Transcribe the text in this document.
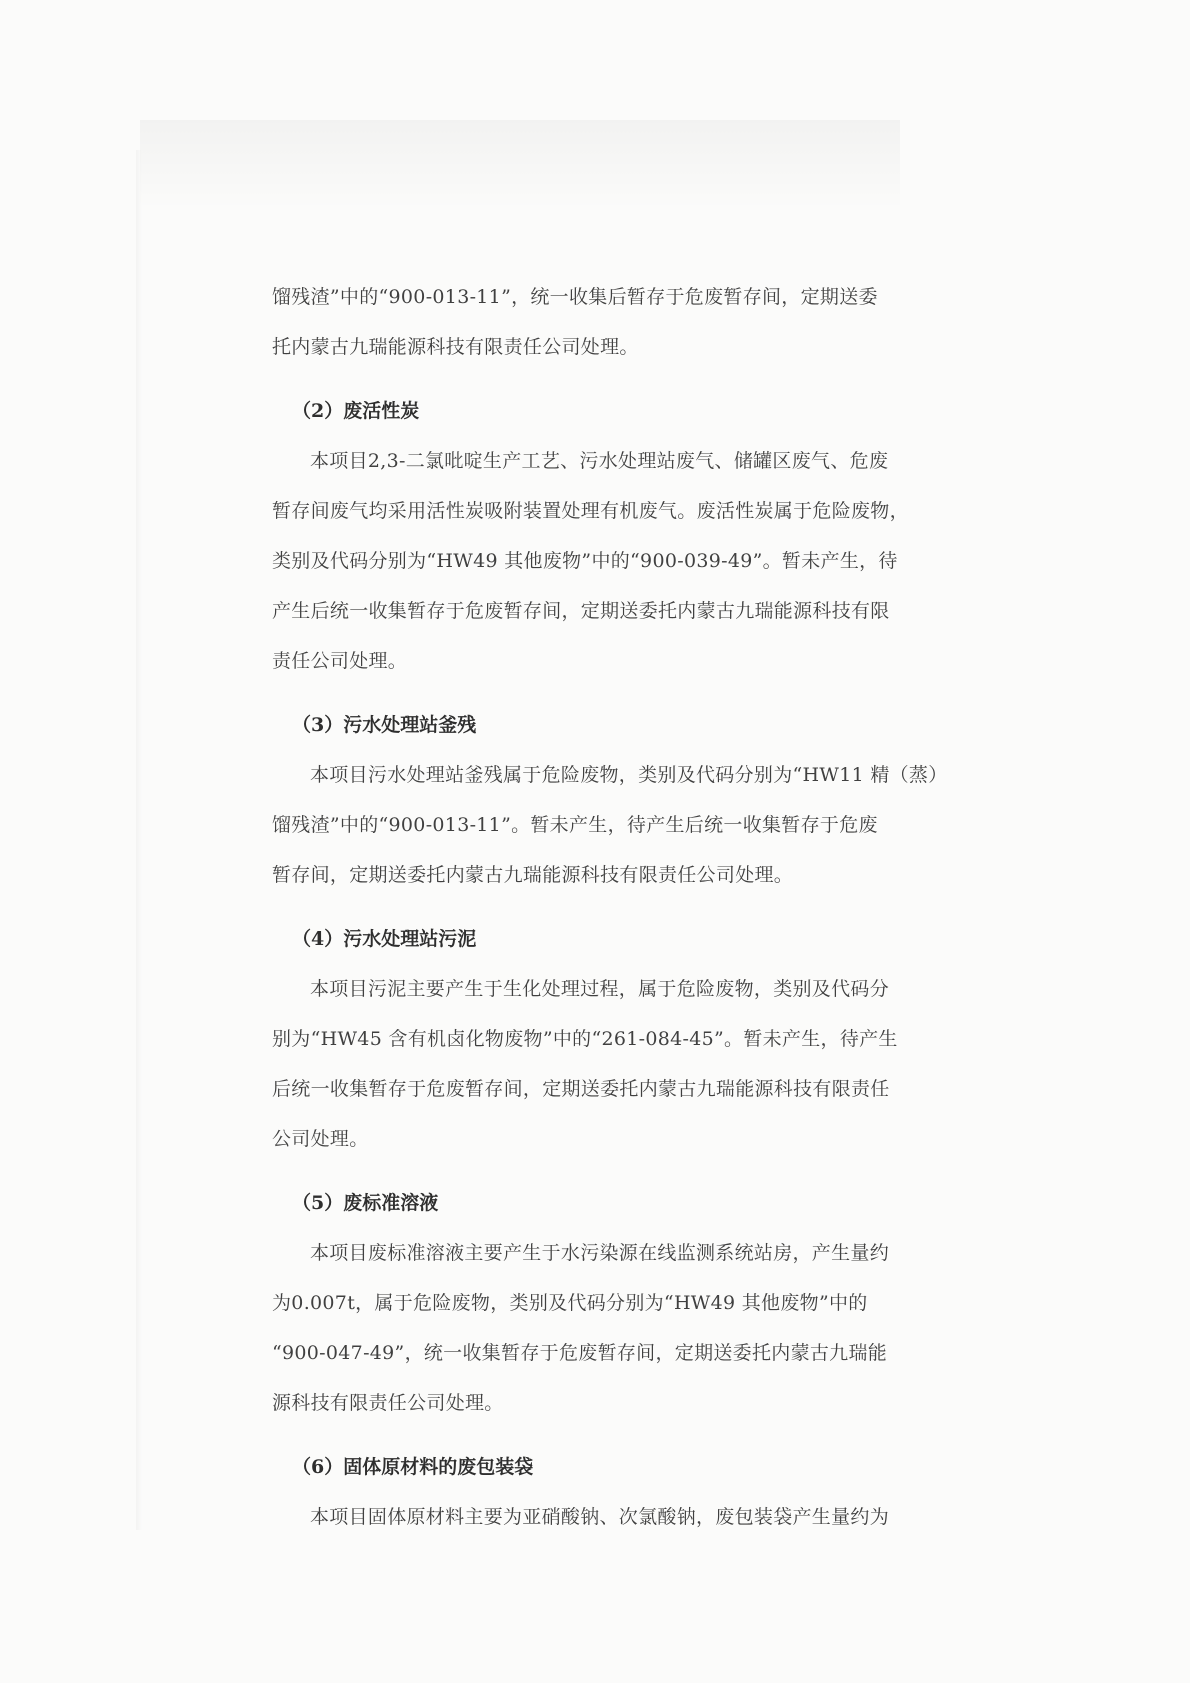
馏残渣”中的“900-013-11”，统一收集后暂存于危废暂存间，定期送委
托内蒙古九瑞能源科技有限责任公司处理。
（2）废活性炭
本项目2,3-二氯吡啶生产工艺、污水处理站废气、储罐区废气、危废
暂存间废气均采用活性炭吸附装置处理有机废气。废活性炭属于危险废物，
类别及代码分别为“HW49 其他废物”中的“900-039-49”。暂未产生，待
产生后统一收集暂存于危废暂存间，定期送委托内蒙古九瑞能源科技有限
责任公司处理。
（3）污水处理站釜残
本项目污水处理站釜残属于危险废物，类别及代码分别为“HW11 精（蒸）
馏残渣”中的“900-013-11”。暂未产生，待产生后统一收集暂存于危废
暂存间，定期送委托内蒙古九瑞能源科技有限责任公司处理。
（4）污水处理站污泥
本项目污泥主要产生于生化处理过程，属于危险废物，类别及代码分
别为“HW45 含有机卤化物废物”中的“261-084-45”。暂未产生，待产生
后统一收集暂存于危废暂存间，定期送委托内蒙古九瑞能源科技有限责任
公司处理。
（5）废标准溶液
本项目废标准溶液主要产生于水污染源在线监测系统站房，产生量约
为0.007t，属于危险废物，类别及代码分别为“HW49 其他废物”中的
“900-047-49”，统一收集暂存于危废暂存间，定期送委托内蒙古九瑞能
源科技有限责任公司处理。
（6）固体原材料的废包装袋
本项目固体原材料主要为亚硝酸钠、次氯酸钠，废包装袋产生量约为
